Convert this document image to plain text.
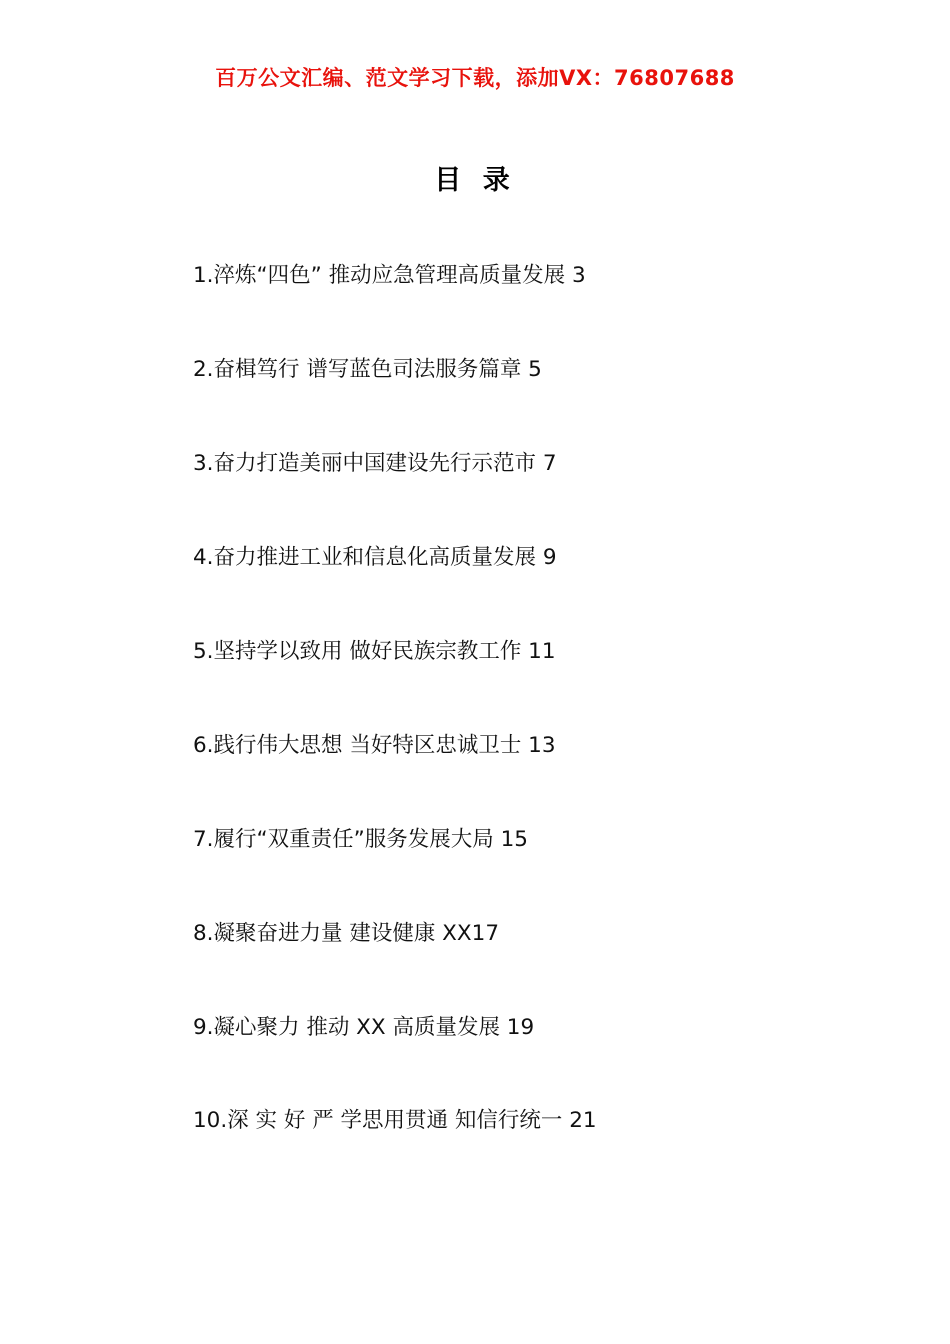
百万公文汇编、范文学习下载，添加VX：76807688
目 录
1.淬炼“四色” 推动应急管理高质量发展 3
2.奋楫笃行 谱写蓝色司法服务篇章 5
3.奋力打造美丽中国建设先行示范市 7
4.奋力推进工业和信息化高质量发展 9
5.坚持学以致用 做好民族宗教工作 11
6.践行伟大思想 当好特区忠诚卫士 13
7.履行“双重责任”服务发展大局 15
8.凝聚奋进力量 建设健康 XX17
9.凝心聚力 推动 XX 高质量发展 19
10.深 实 好 严 学思用贯通 知信行统一 21
